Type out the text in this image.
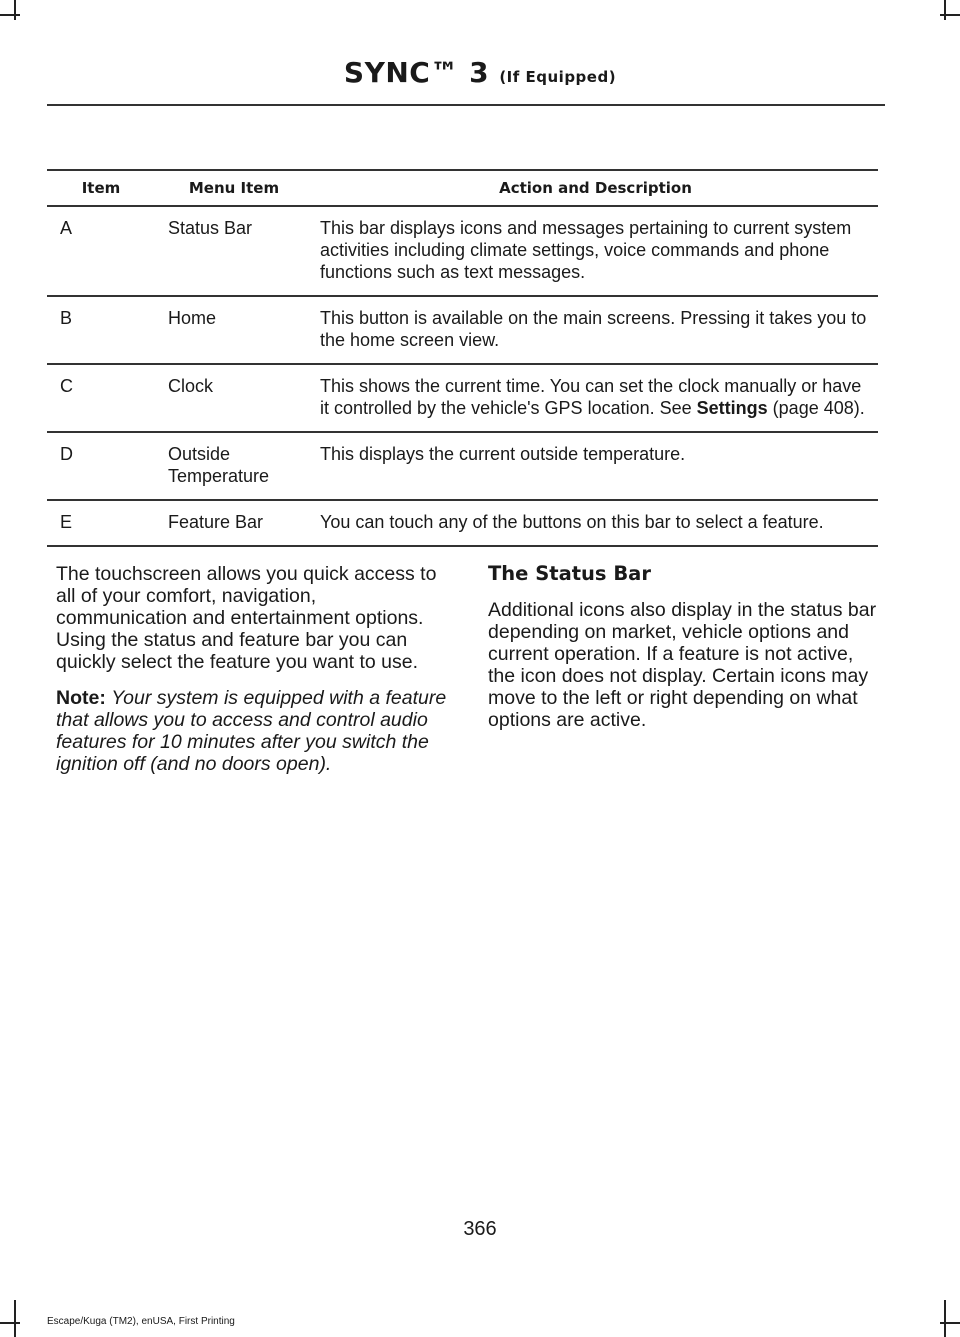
SYNC™ 3 (If Equipped)
Item	Menu Item	Action and Description
A	Status Bar	This bar displays icons and messages pertaining to current system activities including climate settings, voice commands and phone functions such as text messages.
B	Home	This button is available on the main screens. Pressing it takes you to the home screen view.
C	Clock	This shows the current time. You can set the clock manually or have it controlled by the vehicle's GPS location. See Settings (page 408).
D	Outside Temperature	This displays the current outside temperature.
E	Feature Bar	You can touch any of the buttons on this bar to select a feature.

The touchscreen allows you quick access to all of your comfort, navigation, communication and entertainment options. Using the status and feature bar you can quickly select the feature you want to use.

Note: Your system is equipped with a feature that allows you to access and control audio features for 10 minutes after you switch the ignition off (and no doors open).

The Status Bar

Additional icons also display in the status bar depending on market, vehicle options and current operation. If a feature is not active, the icon does not display. Certain icons may move to the left or right depending on what options are active.

366
Escape/Kuga (TM2), enUSA, First Printing
